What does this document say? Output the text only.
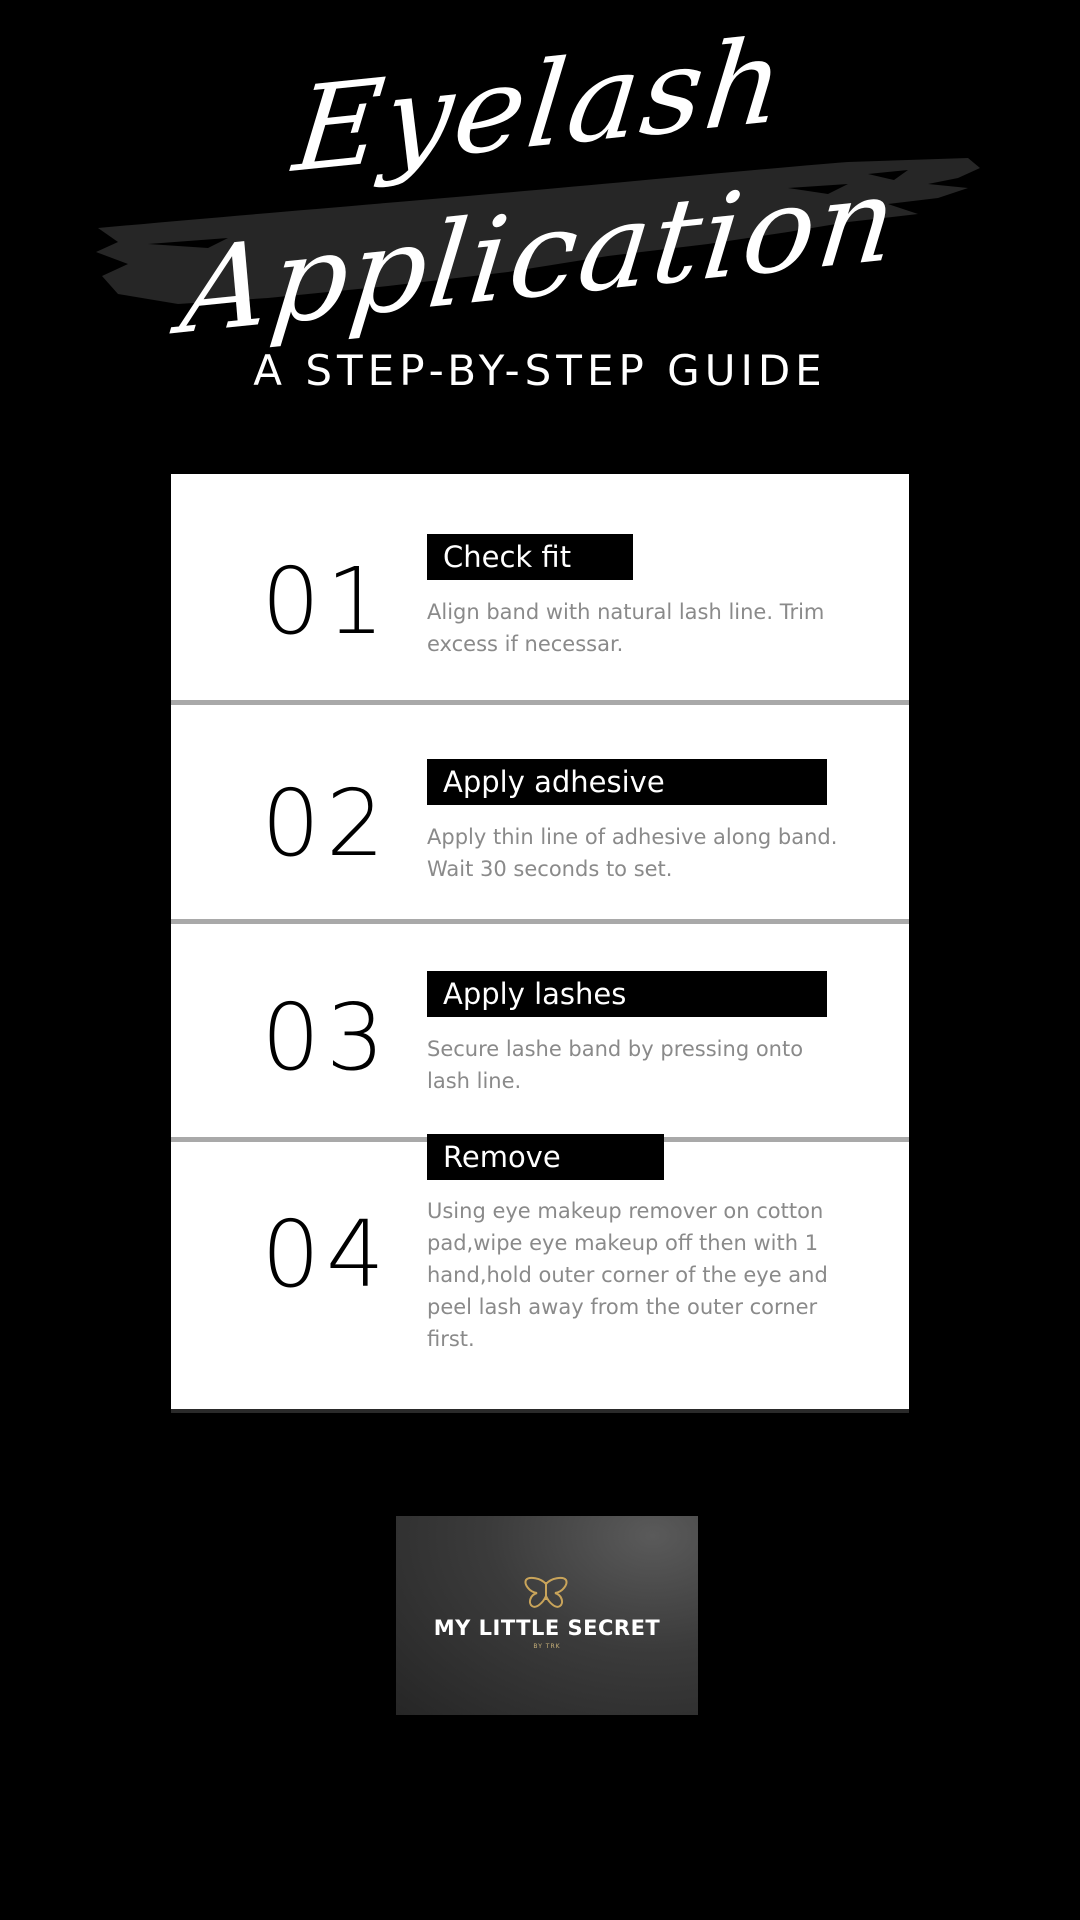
Eyelash
Application
A STEP-BY-STEP GUIDE
01	Check fit
Align band with natural lash line. Trim excess if necessar.
02	Apply adhesive
Apply thin line of adhesive along band. Wait 30 seconds to set.
03	Apply lashes
Secure lashe band by pressing onto lash line.
04
Remove
Using eye makeup remover on cotton pad,wipe eye makeup off then with 1 hand,hold outer corner of the eye and peel lash away from the outer corner first.
MY LITTLE SECRET
BY TRK
